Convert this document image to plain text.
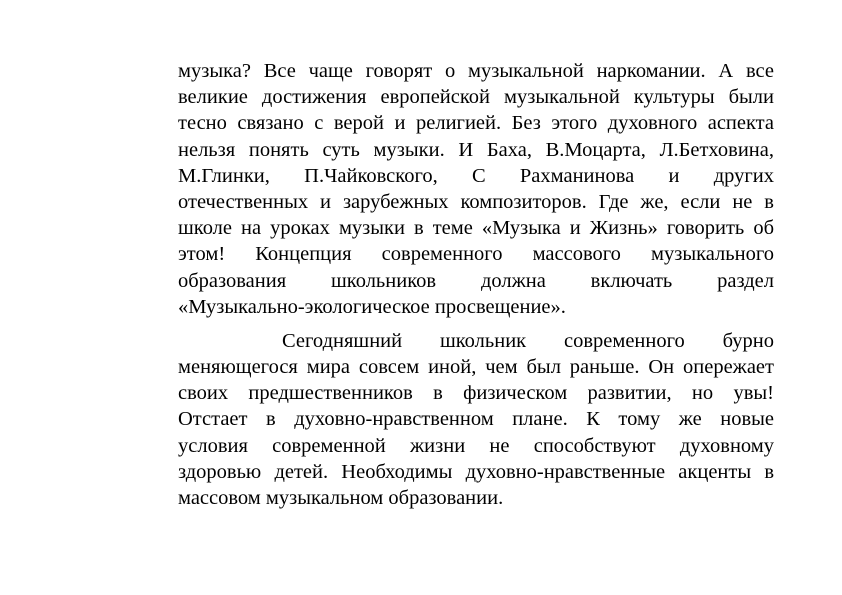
музыка? Все чаще говорят о музыкальной наркомании. А все
великие достижения европейской музыкальной культуры были
тесно связано с верой и религией. Без этого духовного аспекта
нельзя понять суть музыки. И Баха, В.Моцарта, Л.Бетховина,
М.Глинки, П.Чайковского, С Рахманинова и других
отечественных и зарубежных композиторов. Где же, если не в
школе на уроках музыки в теме «Музыка и Жизнь» говорить об
этом! Концепция современного массового музыкального
образования школьников должна включать раздел
«Музыкально-экологическое просвещение».
Сегодняшний школьник современного бурно
меняющегося мира совсем иной, чем был раньше. Он опережает
своих предшественников в физическом развитии, но увы!
Отстает в духовно-нравственном плане. К тому же новые
условия современной жизни не способствуют духовному
здоровью детей. Необходимы духовно-нравственные акценты в
массовом музыкальном образовании.
